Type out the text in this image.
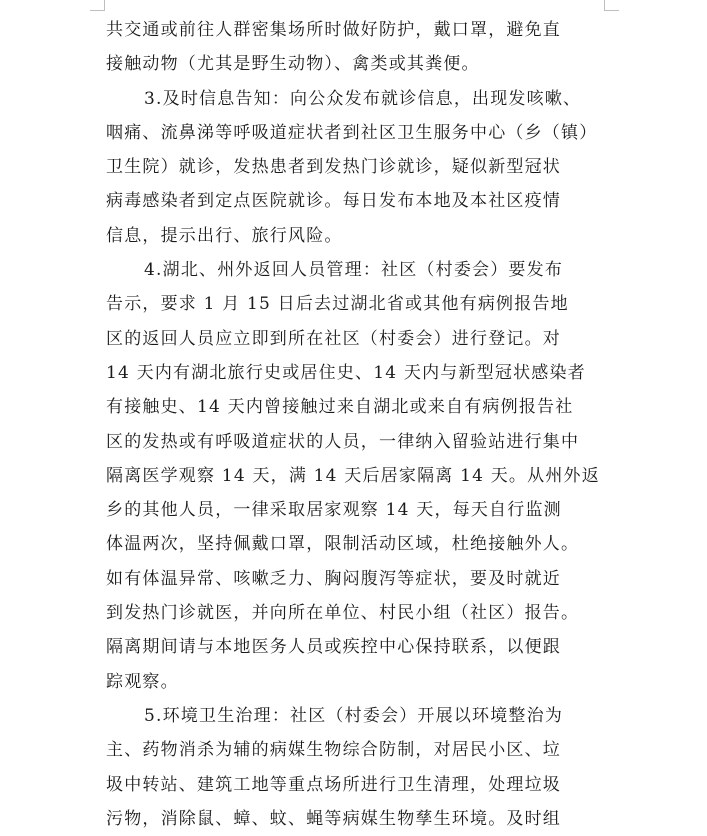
共交通或前往人群密集场所时做好防护，戴口罩，避免直
接触动物（尤其是野生动物）、禽类或其粪便。
3.及时信息告知：向公众发布就诊信息，出现发咳嗽、
咽痛、流鼻涕等呼吸道症状者到社区卫生服务中心（乡（镇）
卫生院）就诊，发热患者到发热门诊就诊，疑似新型冠状
病毒感染者到定点医院就诊。每日发布本地及本社区疫情
信息，提示出行、旅行风险。
4.湖北、州外返回人员管理：社区（村委会）要发布
告示，要求 1 月 15 日后去过湖北省或其他有病例报告地
区的返回人员应立即到所在社区（村委会）进行登记。对
14 天内有湖北旅行史或居住史、14 天内与新型冠状感染者
有接触史、14 天内曾接触过来自湖北或来自有病例报告社
区的发热或有呼吸道症状的人员，一律纳入留验站进行集中
隔离医学观察 14 天，满 14 天后居家隔离 14 天。从州外返
乡的其他人员，一律采取居家观察 14 天，每天自行监测
体温两次，坚持佩戴口罩，限制活动区域，杜绝接触外人。
如有体温异常、咳嗽乏力、胸闷腹泻等症状，要及时就近
到发热门诊就医，并向所在单位、村民小组（社区）报告。
隔离期间请与本地医务人员或疾控中心保持联系，以便跟
踪观察。
5.环境卫生治理：社区（村委会）开展以环境整治为
主、药物消杀为辅的病媒生物综合防制，对居民小区、垃
圾中转站、建筑工地等重点场所进行卫生清理，处理垃圾
污物，消除鼠、蟑、蚊、蝇等病媒生物孳生环境。及时组
